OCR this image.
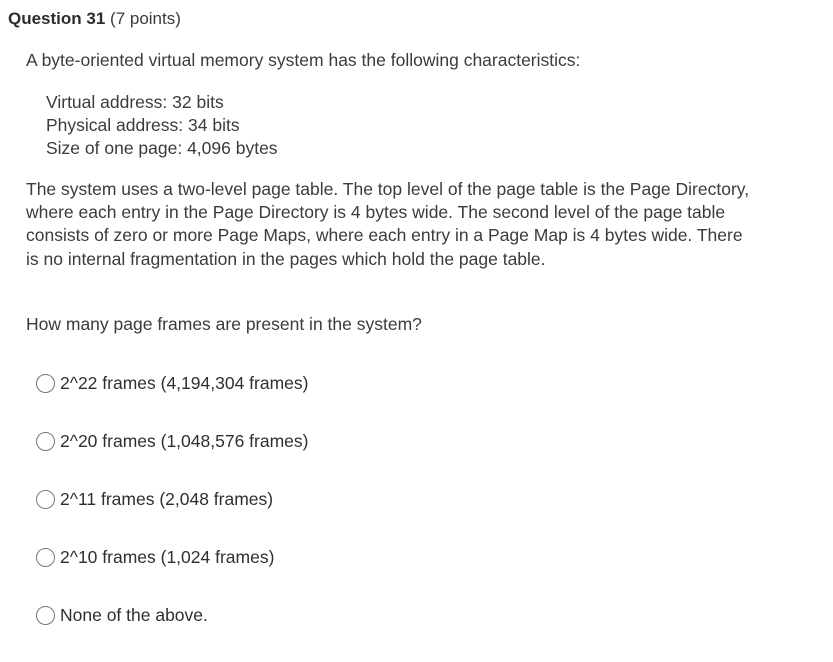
Question 31 (7 points)
A byte-oriented virtual memory system has the following characteristics:
Virtual address: 32 bits
Physical address: 34 bits
Size of one page: 4,096 bytes
The system uses a two-level page table. The top level of the page table is the Page Directory, where each entry in the Page Directory is 4 bytes wide. The second level of the page table consists of zero or more Page Maps, where each entry in a Page Map is 4 bytes wide. There is no internal fragmentation in the pages which hold the page table.
How many page frames are present in the system?
2^22 frames (4,194,304 frames)
2^20 frames (1,048,576 frames)
2^11 frames (2,048 frames)
2^10 frames (1,024 frames)
None of the above.
